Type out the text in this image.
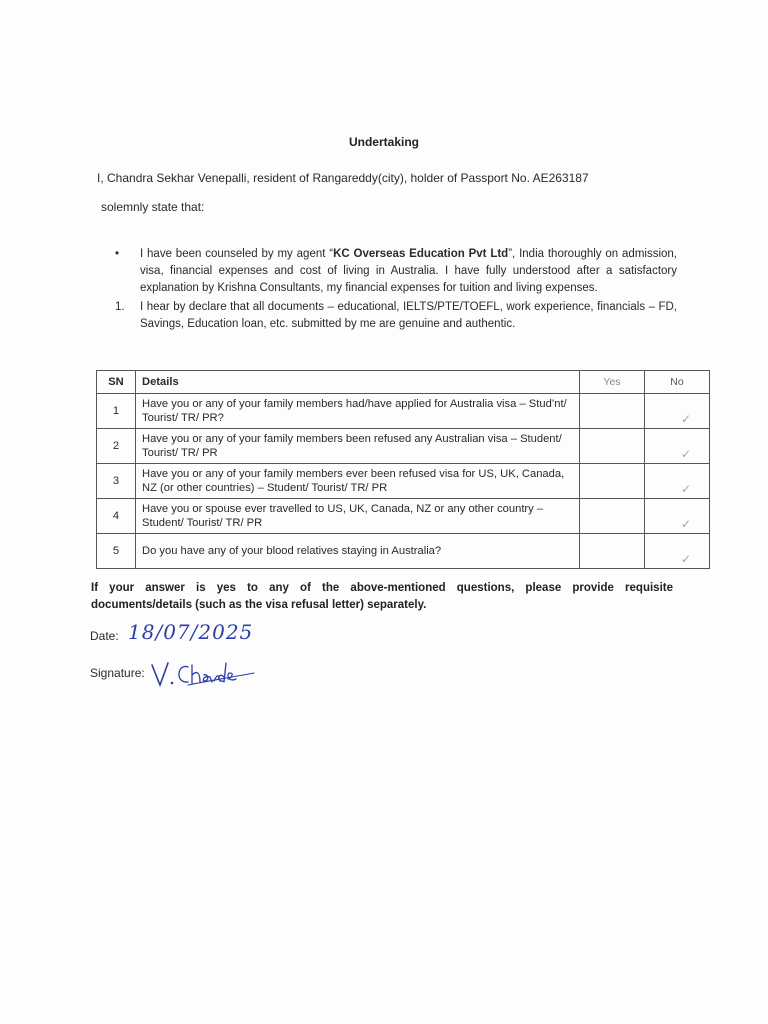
Undertaking
I, Chandra Sekhar Venepalli, resident of Rangareddy(city), holder of Passport No. AE263187
solemnly state that:
• I have been counseled by my agent “KC Overseas Education Pvt Ltd”, India thoroughly on admission, visa, financial expenses and cost of living in Australia. I have fully understood after a satisfactory explanation by Krishna Consultants, my financial expenses for tuition and living expenses.
1. I hear by declare that all documents – educational, IELTS/PTE/TOEFL, work experience, financials – FD, Savings, Education loan, etc. submitted by me are genuine and authentic.
SN	Details	Yes	No
1	Have you or any of your family members had/have applied for Australia visa – Stud’nt/ Tourist/ TR/ PR?		✓
2	Have you or any of your family members been refused any Australian visa – Student/ Tourist/ TR/ PR		✓
3	Have you or any of your family members ever been refused visa for US, UK, Canada, NZ (or other countries) – Student/ Tourist/ TR/ PR		✓
4	Have you or spouse ever travelled to US, UK, Canada, NZ or any other country – Student/ Tourist/ TR/ PR		✓
5	Do you have any of your blood relatives staying in Australia?		✓
If your answer is yes to any of the above-mentioned questions, please provide requisite documents/details (such as the visa refusal letter) separately.
Date: 18/07/2025
Signature:
